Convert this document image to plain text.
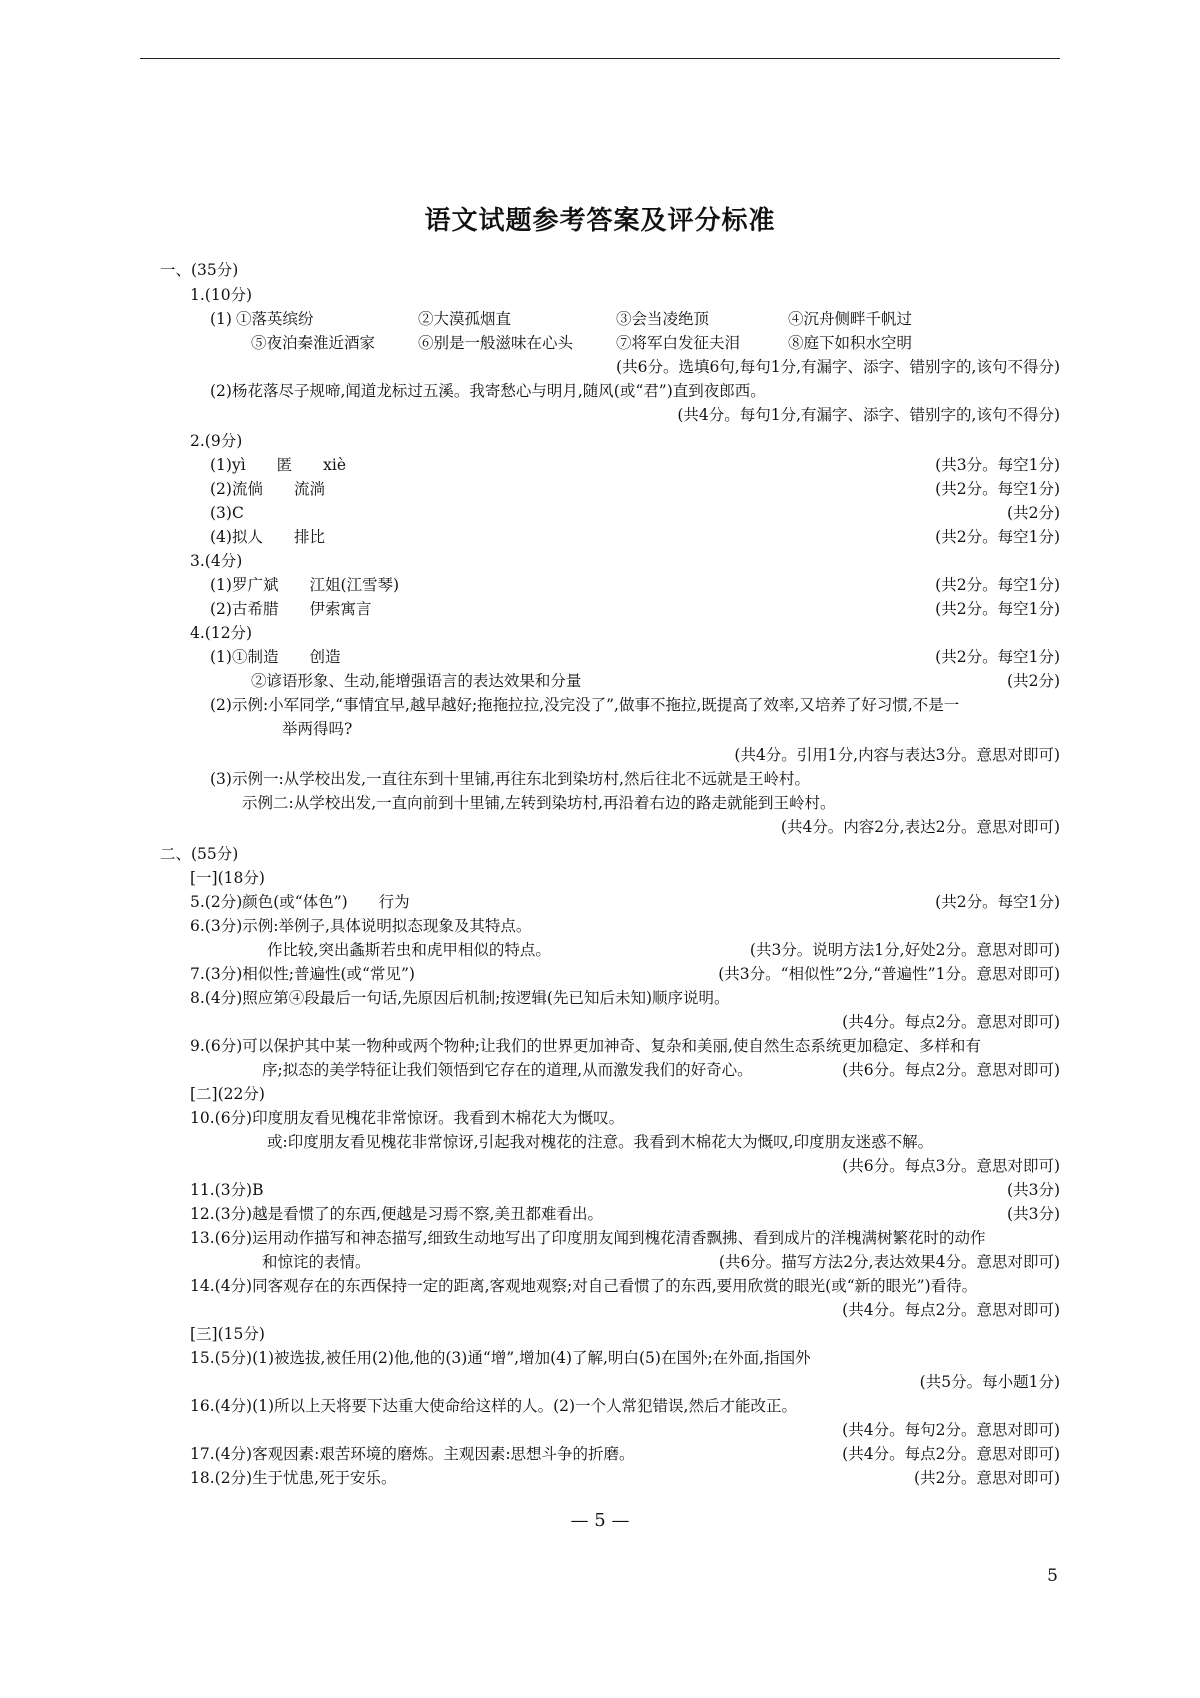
语文试题参考答案及评分标准
一、(35分)
1.(10分)
(1) ①落英缤纷	②大漠孤烟直	③会当凌绝顶	④沉舟侧畔千帆过
⑤夜泊秦淮近酒家	⑥别是一般滋味在心头	⑦将军白发征夫泪	⑧庭下如积水空明
(共6分。选填6句,每句1分,有漏字、添字、错别字的,该句不得分)
(2)杨花落尽子规啼,闻道龙标过五溪。我寄愁心与明月,随风(或“君”)直到夜郎西。
(共4分。每句1分,有漏字、添字、错别字的,该句不得分)
2.(9分)
(1)yì　　匿　　xiè	(共3分。每空1分)
(2)流倘　　流淌	(共2分。每空1分)
(3)C	(共2分)
(4)拟人　　排比	(共2分。每空1分)
3.(4分)
(1)罗广斌　　江姐(江雪琴)	(共2分。每空1分)
(2)古希腊　　伊索寓言	(共2分。每空1分)
4.(12分)
(1)①制造　　创造	(共2分。每空1分)
②谚语形象、生动,能增强语言的表达效果和分量	(共2分)
(2)示例:小军同学,“事情宜早,越早越好;拖拖拉拉,没完没了”,做事不拖拉,既提高了效率,又培养了好习惯,不是一
举两得吗?
(共4分。引用1分,内容与表达3分。意思对即可)
(3)示例一:从学校出发,一直往东到十里铺,再往东北到染坊村,然后往北不远就是王岭村。
示例二:从学校出发,一直向前到十里铺,左转到染坊村,再沿着右边的路走就能到王岭村。
(共4分。内容2分,表达2分。意思对即可)
二、(55分)
[一](18分)
5.(2分)颜色(或“体色”)　　行为	(共2分。每空1分)
6.(3分)示例:举例子,具体说明拟态现象及其特点。
作比较,突出螽斯若虫和虎甲相似的特点。	(共3分。说明方法1分,好处2分。意思对即可)
7.(3分)相似性;普遍性(或“常见”)	(共3分。“相似性”2分,“普遍性”1分。意思对即可)
8.(4分)照应第④段最后一句话,先原因后机制;按逻辑(先已知后未知)顺序说明。
(共4分。每点2分。意思对即可)
9.(6分)可以保护其中某一物种或两个物种;让我们的世界更加神奇、复杂和美丽,使自然生态系统更加稳定、多样和有
序;拟态的美学特征让我们领悟到它存在的道理,从而激发我们的好奇心。	(共6分。每点2分。意思对即可)
[二](22分)
10.(6分)印度朋友看见槐花非常惊讶。我看到木棉花大为慨叹。
或:印度朋友看见槐花非常惊讶,引起我对槐花的注意。我看到木棉花大为慨叹,印度朋友迷惑不解。
(共6分。每点3分。意思对即可)
11.(3分)B	(共3分)
12.(3分)越是看惯了的东西,便越是习焉不察,美丑都难看出。	(共3分)
13.(6分)运用动作描写和神态描写,细致生动地写出了印度朋友闻到槐花清香飘拂、看到成片的洋槐满树繁花时的动作
和惊诧的表情。	(共6分。描写方法2分,表达效果4分。意思对即可)
14.(4分)同客观存在的东西保持一定的距离,客观地观察;对自己看惯了的东西,要用欣赏的眼光(或“新的眼光”)看待。
(共4分。每点2分。意思对即可)
[三](15分)
15.(5分)(1)被选拔,被任用(2)他,他的(3)通“增”,增加(4)了解,明白(5)在国外;在外面,指国外
(共5分。每小题1分)
16.(4分)(1)所以上天将要下达重大使命给这样的人。(2)一个人常犯错误,然后才能改正。
(共4分。每句2分。意思对即可)
17.(4分)客观因素:艰苦环境的磨炼。主观因素:思想斗争的折磨。	(共4分。每点2分。意思对即可)
18.(2分)生于忧患,死于安乐。	(共2分。意思对即可)
— 5 —
5
